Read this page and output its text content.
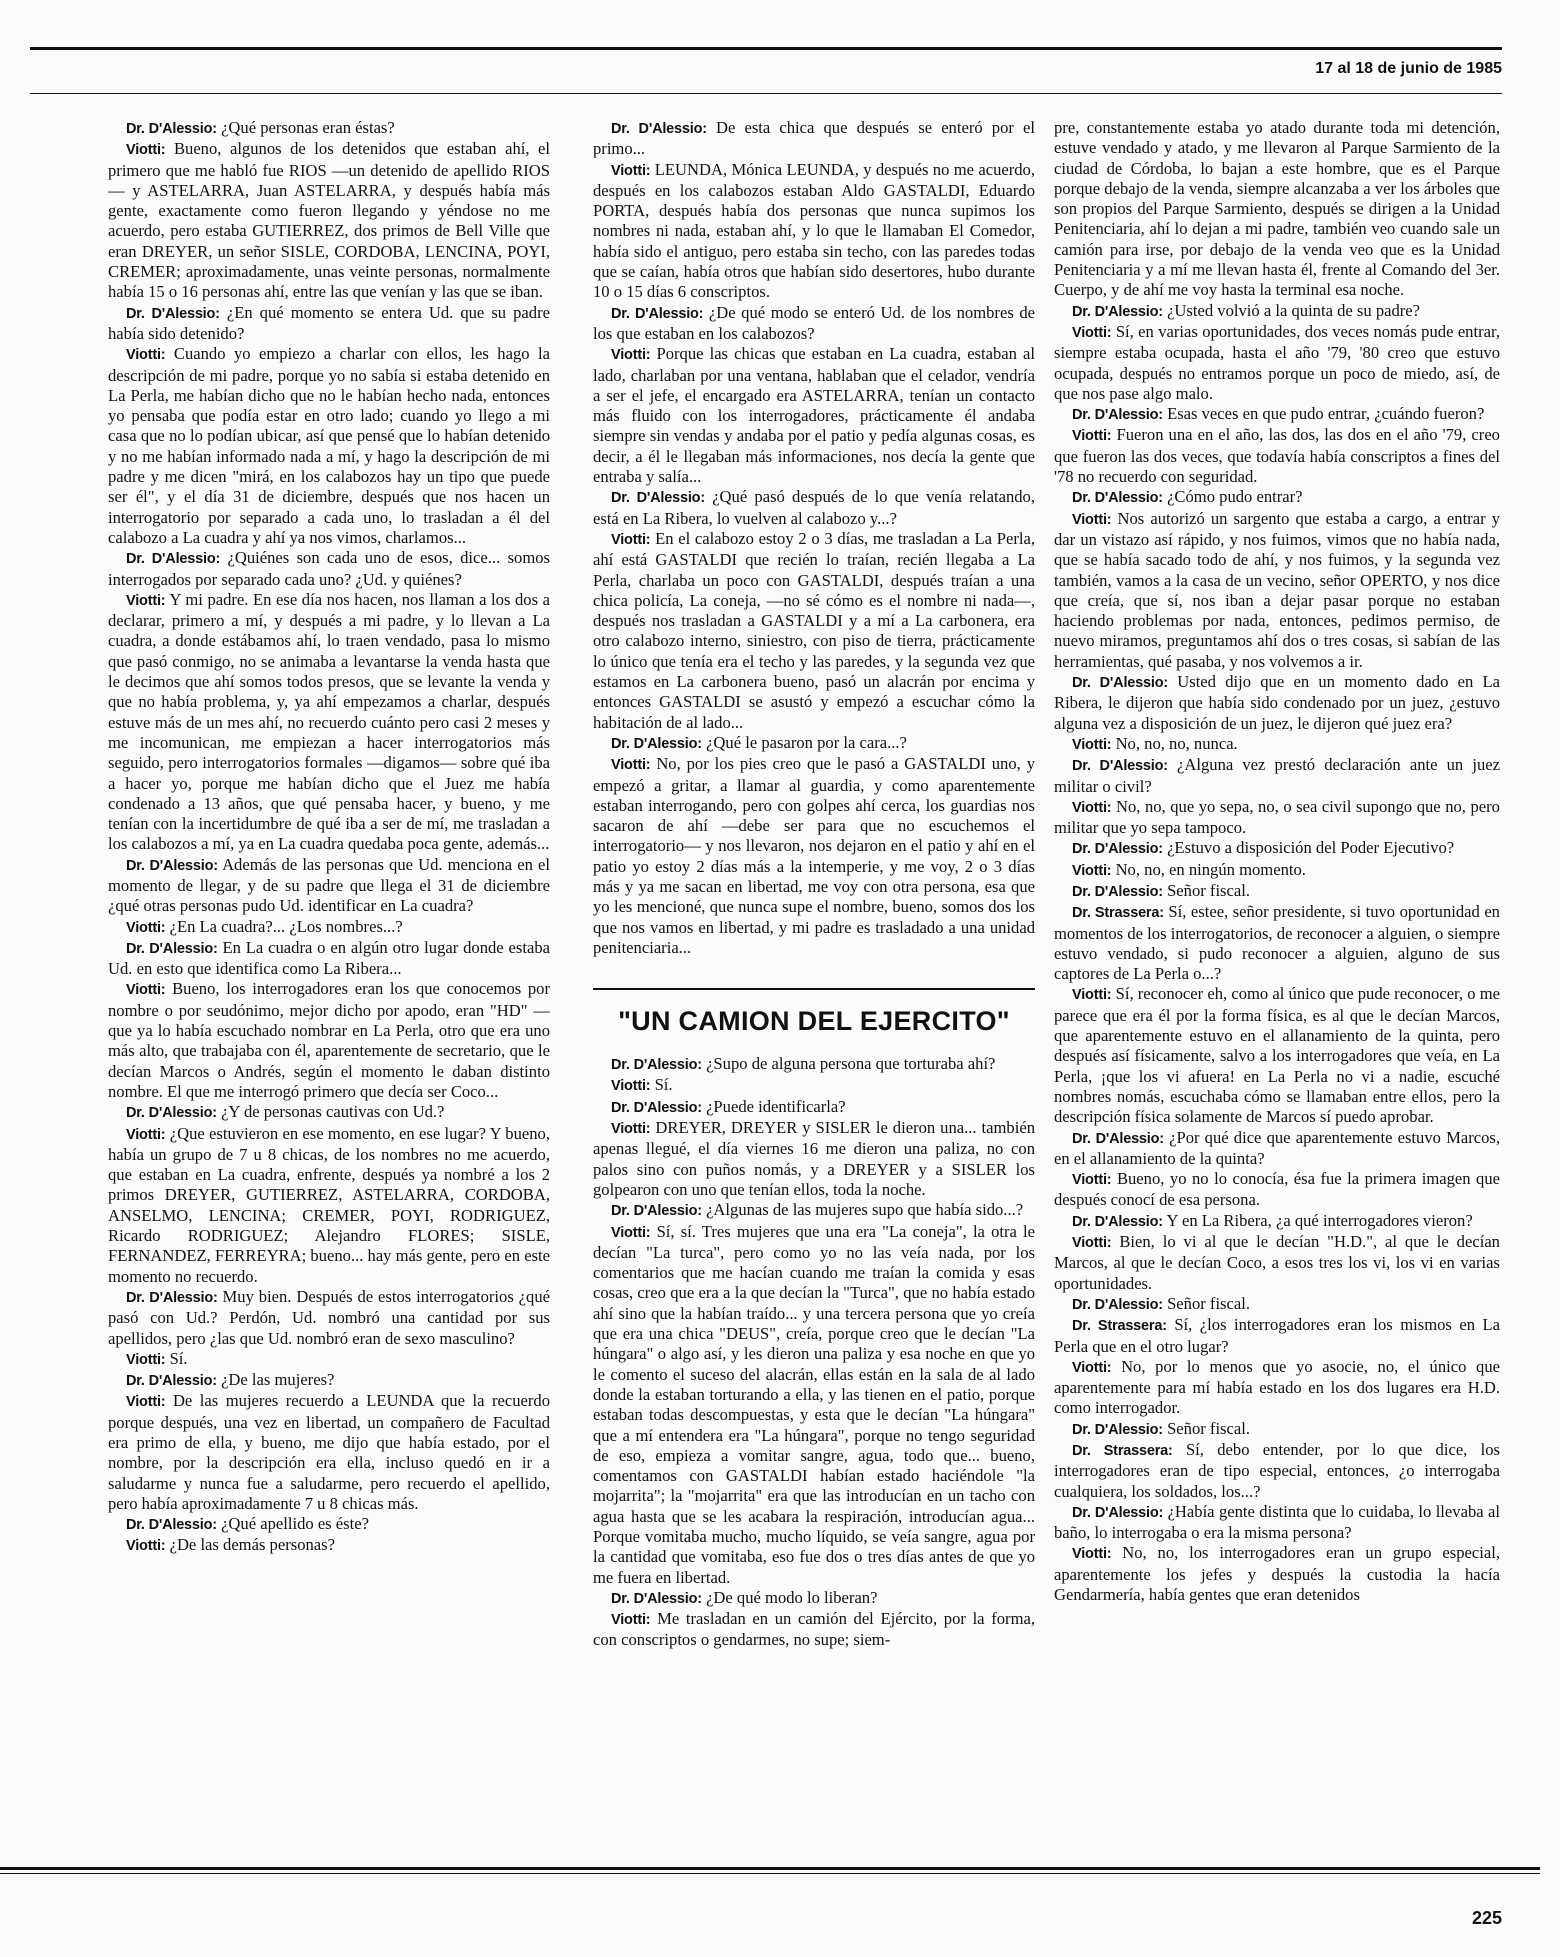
17 al 18 de junio de 1985

Dr. D'Alessio: ¿Qué personas eran éstas?

Viotti: Bueno, algunos de los detenidos que estaban ahí, el primero que me habló fue RIOS —un detenido de apellido RIOS— y ASTELARRA, Juan ASTELARRA, y después había más gente, exactamente como fueron llegando y yéndose no me acuerdo, pero estaba GUTIERREZ, dos primos de Bell Ville que eran DREYER, un señor SISLE, CORDOBA, LENCINA, POYI, CREMER; aproximadamente, unas veinte personas, normalmente había 15 o 16 personas ahí, entre las que venían y las que se iban.

Dr. D'Alessio: ¿En qué momento se entera Ud. que su padre había sido detenido?

Viotti: Cuando yo empiezo a charlar con ellos, les hago la descripción de mi padre, porque yo no sabía si estaba detenido en La Perla, me habían dicho que no le habían hecho nada, entonces yo pensaba que podía estar en otro lado; cuando yo llego a mi casa que no lo podían ubicar, así que pensé que lo habían detenido y no me habían informado nada a mí, y hago la descripción de mi padre y me dicen "mirá, en los calabozos hay un tipo que puede ser él", y el día 31 de diciembre, después que nos hacen un interrogatorio por separado a cada uno, lo trasladan a él del calabozo a La cuadra y ahí ya nos vimos, charlamos...

Dr. D'Alessio: ¿Quiénes son cada uno de esos, dice... somos interrogados por separado cada uno? ¿Ud. y quiénes?

Viotti: Y mi padre. En ese día nos hacen, nos llaman a los dos a declarar, primero a mí, y después a mi padre, y lo llevan a La cuadra, a donde estábamos ahí, lo traen vendado, pasa lo mismo que pasó conmigo, no se animaba a levantarse la venda hasta que le decimos que ahí somos todos presos, que se levante la venda y que no había problema, y, ya ahí empezamos a charlar, después estuve más de un mes ahí, no recuerdo cuánto pero casi 2 meses y me incomunican, me empiezan a hacer interrogatorios más seguido, pero interrogatorios formales —digamos— sobre qué iba a hacer yo, porque me habían dicho que el Juez me había condenado a 13 años, que qué pensaba hacer, y bueno, y me tenían con la incertidumbre de qué iba a ser de mí, me trasladan a los calabozos a mí, ya en La cuadra quedaba poca gente, además...

Dr. D'Alessio: Además de las personas que Ud. menciona en el momento de llegar, y de su padre que llega el 31 de diciembre ¿qué otras personas pudo Ud. identificar en La cuadra?

Viotti: ¿En La cuadra?... ¿Los nombres...?

Dr. D'Alessio: En La cuadra o en algún otro lugar donde estaba Ud. en esto que identifica como La Ribera...

Viotti: Bueno, los interrogadores eran los que conocemos por nombre o por seudónimo, mejor dicho por apodo, eran "HD" —que ya lo había escuchado nombrar en La Perla, otro que era uno más alto, que trabajaba con él, aparentemente de secretario, que le decían Marcos o Andrés, según el momento le daban distinto nombre. El que me interrogó primero que decía ser Coco...

Dr. D'Alessio: ¿Y de personas cautivas con Ud.?

Viotti: ¿Que estuvieron en ese momento, en ese lugar? Y bueno, había un grupo de 7 u 8 chicas, de los nombres no me acuerdo, que estaban en La cuadra, enfrente, después ya nombré a los 2 primos DREYER, GUTIERREZ, ASTELARRA, CORDOBA, ANSELMO, LENCINA; CREMER, POYI, RODRIGUEZ, Ricardo RODRIGUEZ; Alejandro FLORES; SISLE, FERNANDEZ, FERREYRA; bueno... hay más gente, pero en este momento no recuerdo.

Dr. D'Alessio: Muy bien. Después de estos interrogatorios ¿qué pasó con Ud.? Perdón, Ud. nombró una cantidad por sus apellidos, pero ¿las que Ud. nombró eran de sexo masculino?

Viotti: Sí.

Dr. D'Alessio: ¿De las mujeres?

Viotti: De las mujeres recuerdo a LEUNDA que la recuerdo porque después, una vez en libertad, un compañero de Facultad era primo de ella, y bueno, me dijo que había estado, por el nombre, por la descripción era ella, incluso quedó en ir a saludarme y nunca fue a saludarme, pero recuerdo el apellido, pero había aproximadamente 7 u 8 chicas más.

Dr. D'Alessio: ¿Qué apellido es éste?

Viotti: ¿De las demás personas?

Dr. D'Alessio: De esta chica que después se enteró por el primo...

Viotti: LEUNDA, Mónica LEUNDA, y después no me acuerdo, después en los calabozos estaban Aldo GASTALDI, Eduardo PORTA, después había dos personas que nunca supimos los nombres ni nada, estaban ahí, y lo que le llamaban El Comedor, había sido el antiguo, pero estaba sin techo, con las paredes todas que se caían, había otros que habían sido desertores, hubo durante 10 o 15 días 6 conscriptos.

Dr. D'Alessio: ¿De qué modo se enteró Ud. de los nombres de los que estaban en los calabozos?

Viotti: Porque las chicas que estaban en La cuadra, estaban al lado, charlaban por una ventana, hablaban que el celador, vendría a ser el jefe, el encargado era ASTELARRA, tenían un contacto más fluido con los interrogadores, prácticamente él andaba siempre sin vendas y andaba por el patio y pedía algunas cosas, es decir, a él le llegaban más informaciones, nos decía la gente que entraba y salía...

Dr. D'Alessio: ¿Qué pasó después de lo que venía relatando, está en La Ribera, lo vuelven al calabozo y...?

Viotti: En el calabozo estoy 2 o 3 días, me trasladan a La Perla, ahí está GASTALDI que recién lo traían, recién llegaba a La Perla, charlaba un poco con GASTALDI, después traían a una chica policía, La coneja, —no sé cómo es el nombre ni nada—, después nos trasladan a GASTALDI y a mí a La carbonera, era otro calabozo interno, siniestro, con piso de tierra, prácticamente lo único que tenía era el techo y las paredes, y la segunda vez que estamos en La carbonera bueno, pasó un alacrán por encima y entonces GASTALDI se asustó y empezó a escuchar cómo la habitación de al lado...

Dr. D'Alessio: ¿Qué le pasaron por la cara...?

Viotti: No, por los pies creo que le pasó a GASTALDI uno, y empezó a gritar, a llamar al guardia, y como aparentemente estaban interrogando, pero con golpes ahí cerca, los guardias nos sacaron de ahí —debe ser para que no escuchemos el interrogatorio— y nos llevaron, nos dejaron en el patio y ahí en el patio yo estoy 2 días más a la intemperie, y me voy, 2 o 3 días más y ya me sacan en libertad, me voy con otra persona, esa que yo les mencioné, que nunca supe el nombre, bueno, somos dos los que nos vamos en libertad, y mi padre es trasladado a una unidad penitenciaria...

"UN CAMION DEL EJERCITO"

Dr. D'Alessio: ¿Supo de alguna persona que torturaba ahí?

Viotti: Sí.

Dr. D'Alessio: ¿Puede identificarla?

Viotti: DREYER, DREYER y SISLER le dieron una... también apenas llegué, el día viernes 16 me dieron una paliza, no con palos sino con puños nomás, y a DREYER y a SISLER los golpearon con uno que tenían ellos, toda la noche.

Dr. D'Alessio: ¿Algunas de las mujeres supo que había sido...?

Viotti: Sí, sí. Tres mujeres que una era "La coneja", la otra le decían "La turca", pero como yo no las veía nada, por los comentarios que me hacían cuando me traían la comida y esas cosas, creo que era a la que decían la "Turca", que no había estado ahí sino que la habían traído... y una tercera persona que yo creía que era una chica "DEUS", creía, porque creo que le decían "La húngara" o algo así, y les dieron una paliza y esa noche en que yo le comento el suceso del alacrán, ellas están en la sala de al lado donde la estaban torturando a ella, y las tienen en el patio, porque estaban todas descompuestas, y esta que le decían "La húngara" que a mí entendera era "La húngara", porque no tengo seguridad de eso, empieza a vomitar sangre, agua, todo que... bueno, comentamos con GASTALDI habían estado haciéndole "la mojarrita"; la "mojarrita" era que las introducían en un tacho con agua hasta que se les acabara la respiración, introducían agua... Porque vomitaba mucho, mucho líquido, se veía sangre, agua por la cantidad que vomitaba, eso fue dos o tres días antes de que yo me fuera en libertad.

Dr. D'Alessio: ¿De qué modo lo liberan?

Viotti: Me trasladan en un camión del Ejército, por la forma, con conscriptos o gendarmes, no supe; siem-

pre, constantemente estaba yo atado durante toda mi detención, estuve vendado y atado, y me llevaron al Parque Sarmiento de la ciudad de Córdoba, lo bajan a este hombre, que es el Parque porque debajo de la venda, siempre alcanzaba a ver los árboles que son propios del Parque Sarmiento, después se dirigen a la Unidad Penitenciaria, ahí lo dejan a mi padre, también veo cuando sale un camión para irse, por debajo de la venda veo que es la Unidad Penitenciaria y a mí me llevan hasta él, frente al Comando del 3er. Cuerpo, y de ahí me voy hasta la terminal esa noche.

Dr. D'Alessio: ¿Usted volvió a la quinta de su padre?

Viotti: Sí, en varias oportunidades, dos veces nomás pude entrar, siempre estaba ocupada, hasta el año '79, '80 creo que estuvo ocupada, después no entramos porque un poco de miedo, así, de que nos pase algo malo.

Dr. D'Alessio: Esas veces en que pudo entrar, ¿cuándo fueron?

Viotti: Fueron una en el año, las dos, las dos en el año '79, creo que fueron las dos veces, que todavía había conscriptos a fines del '78 no recuerdo con seguridad.

Dr. D'Alessio: ¿Cómo pudo entrar?

Viotti: Nos autorizó un sargento que estaba a cargo, a entrar y dar un vistazo así rápido, y nos fuimos, vimos que no había nada, que se había sacado todo de ahí, y nos fuimos, y la segunda vez también, vamos a la casa de un vecino, señor OPERTO, y nos dice que creía, que sí, nos iban a dejar pasar porque no estaban haciendo problemas por nada, entonces, pedimos permiso, de nuevo miramos, preguntamos ahí dos o tres cosas, si sabían de las herramientas, qué pasaba, y nos volvemos a ir.

Dr. D'Alessio: Usted dijo que en un momento dado en La Ribera, le dijeron que había sido condenado por un juez, ¿estuvo alguna vez a disposición de un juez, le dijeron qué juez era?

Viotti: No, no, no, nunca.

Dr. D'Alessio: ¿Alguna vez prestó declaración ante un juez militar o civil?

Viotti: No, no, que yo sepa, no, o sea civil supongo que no, pero militar que yo sepa tampoco.

Dr. D'Alessio: ¿Estuvo a disposición del Poder Ejecutivo?

Viotti: No, no, en ningún momento.

Dr. D'Alessio: Señor fiscal.

Dr. Strassera: Sí, estee, señor presidente, si tuvo oportunidad en momentos de los interrogatorios, de reconocer a alguien, o siempre estuvo vendado, si pudo reconocer a alguien, alguno de sus captores de La Perla o...?

Viotti: Sí, reconocer eh, como al único que pude reconocer, o me parece que era él por la forma física, es al que le decían Marcos, que aparentemente estuvo en el allanamiento de la quinta, pero después así físicamente, salvo a los interrogadores que veía, en La Perla, ¡que los vi afuera! en La Perla no vi a nadie, escuché nombres nomás, escuchaba cómo se llamaban entre ellos, pero la descripción física solamente de Marcos sí puedo aprobar.

Dr. D'Alessio: ¿Por qué dice que aparentemente estuvo Marcos, en el allanamiento de la quinta?

Viotti: Bueno, yo no lo conocía, ésa fue la primera imagen que después conocí de esa persona.

Dr. D'Alessio: Y en La Ribera, ¿a qué interrogadores vieron?

Viotti: Bien, lo vi al que le decían "H.D.", al que le decían Marcos, al que le decían Coco, a esos tres los vi, los vi en varias oportunidades.

Dr. D'Alessio: Señor fiscal.

Dr. Strassera: Sí, ¿los interrogadores eran los mismos en La Perla que en el otro lugar?

Viotti: No, por lo menos que yo asocie, no, el único que aparentemente para mí había estado en los dos lugares era H.D. como interrogador.

Dr. D'Alessio: Señor fiscal.

Dr. Strassera: Sí, debo entender, por lo que dice, los interrogadores eran de tipo especial, entonces, ¿o interrogaba cualquiera, los soldados, los...?

Dr. D'Alessio: ¿Había gente distinta que lo cuidaba, lo llevaba al baño, lo interrogaba o era la misma persona?

Viotti: No, no, los interrogadores eran un grupo especial, aparentemente los jefes y después la custodia la hacía Gendarmería, había gentes que eran detenidos

225
